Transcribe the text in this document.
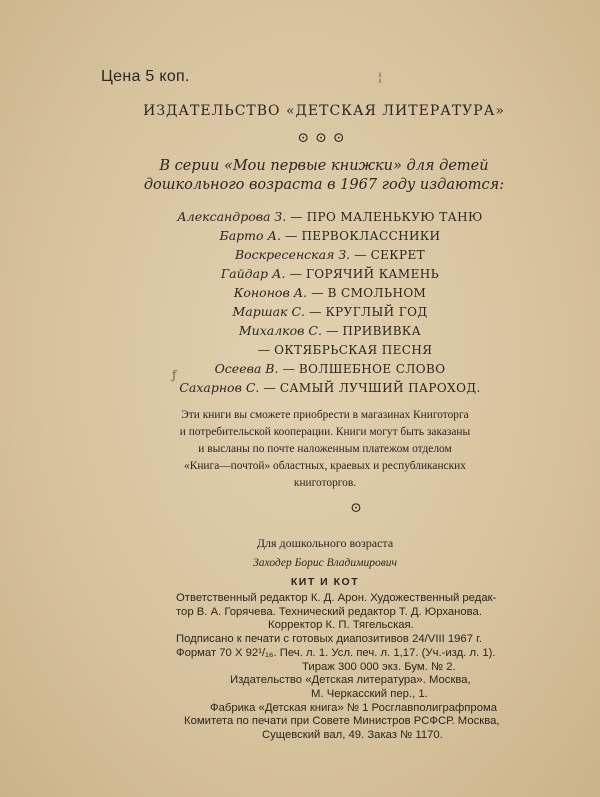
Цена 5 коп.
ИЗДАТЕЛЬСТВО «ДЕТСКАЯ ЛИТЕРАТУРА»
⊙⊙⊙
В серии «Мои первые книжки» для детей
дошкольного возраста в 1967 году издаются:
Александрова З. — ПРО МАЛЕНЬКУЮ ТАНЮ
Барто А. — ПЕРВОКЛАССНИКИ
Воскресенская З. — СЕКРЕТ
Гайдар А. — ГОРЯЧИЙ КАМЕНЬ
Кононов А. — В СМОЛЬНОМ
Маршак С. — КРУГЛЫЙ ГОД
Михалков С. — ПРИВИВКА
— ОКТЯБРЬСКАЯ ПЕСНЯ
Осеева В. — ВОЛШЕБНОЕ СЛОВО
Сахарнов С. — САМЫЙ ЛУЧШИЙ ПАРОХОД.
Эти книги вы сможете приобрести в магазинах Книготорга
и потребительской кооперации. Книги могут быть заказаны
и высланы по почте наложенным платежом отделом
«Книга—почтой» областных, краевых и республиканских
книготоргов.
⊙
Для дошкольного возраста
Заходер Борис Владимирович
КИТ И КОТ
Ответственный редактор К. Д. Арон. Художественный редак-
тор В. А. Горячева. Технический редактор Т. Д. Юрханова.
Корректор К. П. Тягельская.
Подписано к печати с готовых диапозитивов 24/VIII 1967 г.
Формат 70 X 92¹/₁₆. Печ. л. 1. Усл. печ. л. 1,17. (Уч.-изд. л. 1).
Тираж 300 000 экз. Бум. № 2.
Издательство «Детская литература». Москва,
М. Черкасский пер., 1.
Фабрика «Детская книга» № 1 Росглавполиграфпрома
Комитета по печати при Совете Министров РСФСР. Москва,
Сущевский вал, 49. Заказ № 1170.
¦
ƒ
